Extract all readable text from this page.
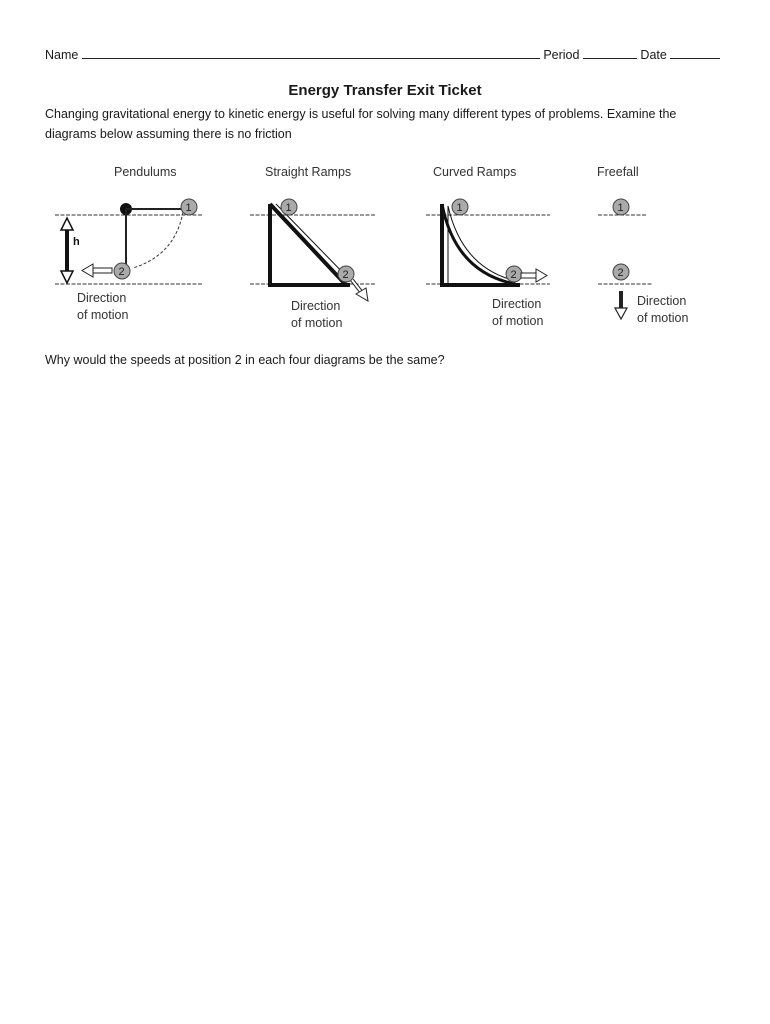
Name	Period	Date
Energy Transfer Exit Ticket
Changing gravitational energy to kinetic energy is useful for solving many different types of problems. Examine the diagrams below assuming there is no friction
Pendulums	Straight Ramps	Curved Ramps	Freefall
Direction
of motion
Direction
of motion
Direction
of motion
Direction
of motion
h
1
2
1
2
1
2
1
2
Why would the speeds at position 2 in each four diagrams be the same?
